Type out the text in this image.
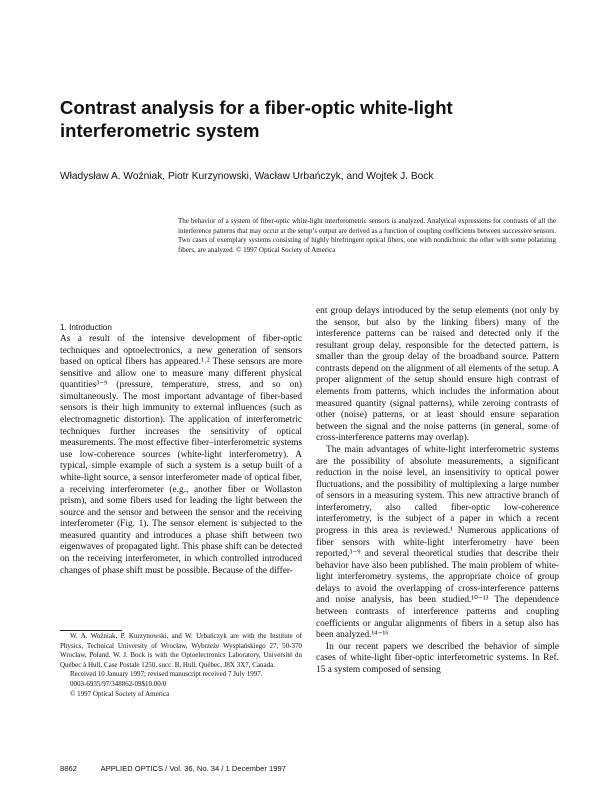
Contrast analysis for a fiber-optic white-light interferometric system
Władysław A. Woźniak, Piotr Kurzynowski, Wacław Urbańczyk, and Wojtek J. Bock
The behavior of a system of fiber-optic white-light interferometric sensors is analyzed. Analytical expressions for contrasts of all the interference patterns that may occur at the setup’s output are derived as a function of coupling coefficients between successive sensors. Two cases of exemplary systems consisting of highly birefringent optical fibers, one with nondichroic the other with some polarizing fibers, are analyzed. © 1997 Optical Society of America

1. Introduction

As a result of the intensive development of fiber-optic techniques and optoelectronics, a new generation of sensors based on optical fibers has appeared.¹˒² These sensors are more sensitive and allow one to measure many different physical quantities³⁻⁹ (pressure, temperature, stress, and so on) simultaneously. The most important advantage of fiber-based sensors is their high immunity to external influences (such as electromagnetic distortion). The application of interferometric techniques further increases the sensitivity of optical measurements. The most effective fiber–interferometric systems use low-coherence sources (white-light interferometry). A typical, simple example of such a system is a setup built of a white-light source, a sensor interferometer made of optical fiber, a receiving interferometer (e.g., another fiber or Wollaston prism), and some fibers used for leading the light between the source and the sensor and between the sensor and the receiving interferometer (Fig. 1). The sensor element is subjected to the measured quantity and introduces a phase shift between two eigenwaves of propagated light. This phase shift can be detected on the receiving interferometer, in which controlled introduced changes of phase shift must be possible. Because of the differ-

ent group delays introduced by the setup elements (not only by the sensor, but also by the linking fibers) many of the interference patterns can be raised and detected only if the resultant group delay, responsible for the detected pattern, is smaller than the group delay of the broadband source. Pattern contrasts depend on the alignment of all elements of the setup. A proper alignment of the setup should ensure high contrast of elements from patterns, which includes the information about measured quantity (signal patterns), while zeroing contrasts of other (noise) patterns, or at least should ensure separation between the signal and the noise patterns (in general, some of cross-interference patterns may overlap).

The main advantages of white-light interferometric systems are the possibility of absolute measurements, a significant reduction in the noise level, an insensitivity to optical power fluctuations, and the possibility of multiplexing a large number of sensors in a measuring system. This new attractive branch of interferometry, also called fiber-optic low-coherence interferometry, is the subject of a paper in which a recent progress in this area is reviewed.¹ Numerous applications of fiber sensors with white-light interferometry have been reported,³⁻⁹ and several theoretical studies that describe their behavior have also been published. The main problem of white-light interferometry systems, the appropriate choice of group delays to avoid the overlapping of cross-interference patterns and noise analysis, has been studied.¹⁰⁻¹³ The dependence between contrasts of interference patterns and coupling coefficients or angular alignments of fibers in a setup also has been analyzed.¹⁴⁻¹⁶

In our recent papers we described the behavior of simple cases of white-light fiber-optic interferometric systems. In Ref. 15 a system composed of sensing

W. A. Woźniak, P. Kurzynowski, and W. Urbańczyk are with the Institute of Physics, Technical University of Wrocław, Wybrzeże Wyspiańskiego 27, 50-370 Wrocław, Poland. W. J. Bock is with the Optoelectronics Laboratory, Université du Québec à Hull, Case Postale 1250, succ. B, Hull, Québec, J8X 3X7, Canada.

Received 10 January 1997; revised manuscript received 7 July 1997.

0003-6935/97/348862-09$10.00/0

© 1997 Optical Society of America

8862	APPLIED OPTICS / Vol. 36, No. 34 / 1 December 1997
